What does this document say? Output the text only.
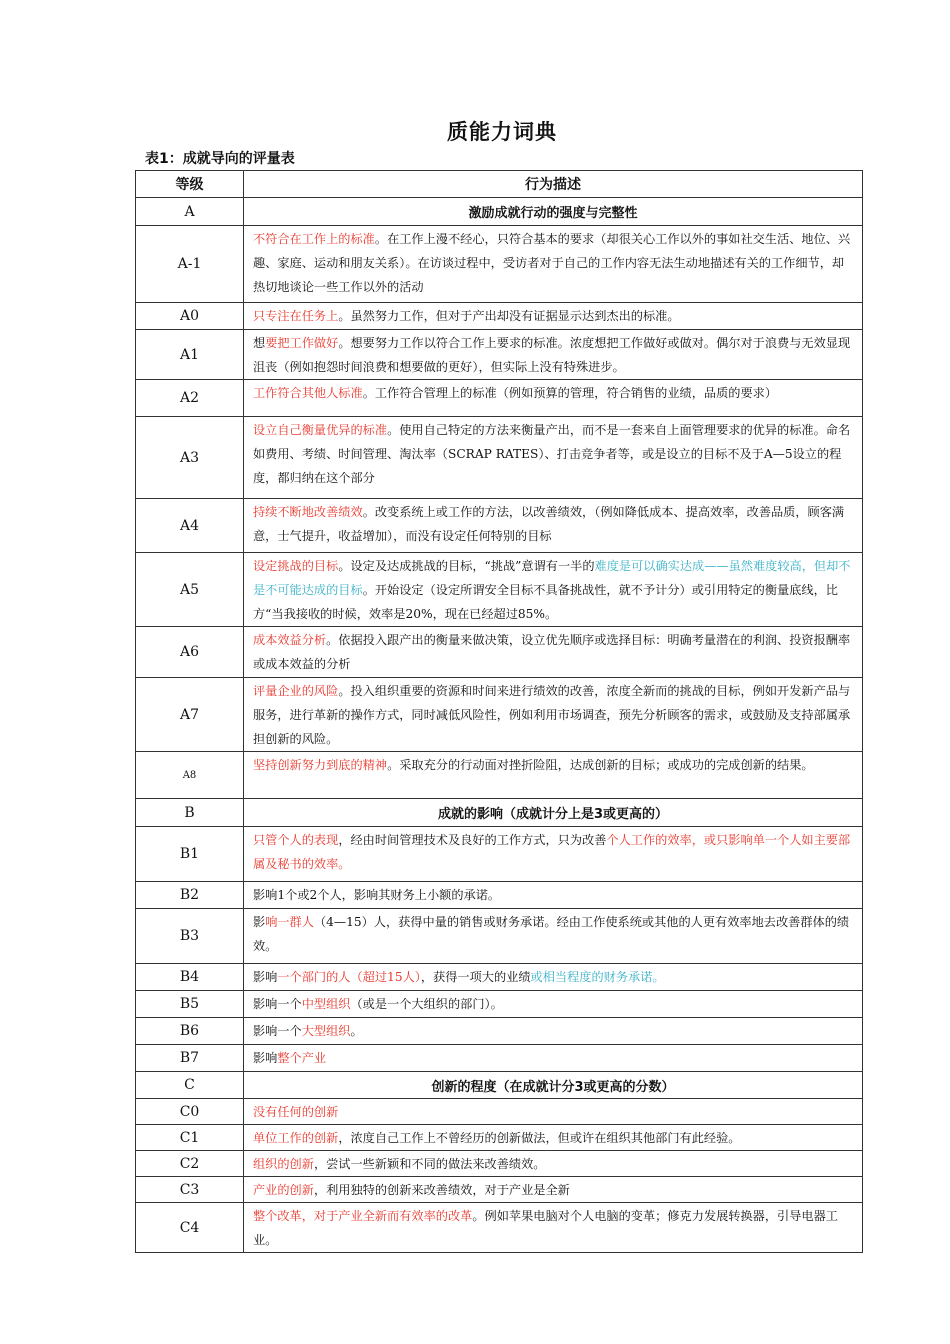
质能力词典
表1：成就导向的评量表
等级	行为描述
A	激励成就行动的强度与完整性
A-1	不符合在工作上的标准。在工作上漫不经心，只符合基本的要求（却很关心工作以外的事如社交生活、地位、兴趣、家庭、运动和朋友关系）。在访谈过程中，受访者对于自己的工作内容无法生动地描述有关的工作细节，却热切地谈论一些工作以外的活动
A0	只专注在任务上。虽然努力工作，但对于产出却没有证据显示达到杰出的标准。
A1	想要把工作做好。想要努力工作以符合工作上要求的标准。浓度想把工作做好或做对。偶尔对于浪费与无效显现沮丧（例如抱怨时间浪费和想要做的更好），但实际上没有特殊进步。
A2	工作符合其他人标准。工作符合管理上的标准（例如预算的管理，符合销售的业绩，品质的要求）

A3	设立自己衡量优异的标准。使用自己特定的方法来衡量产出，而不是一套来自上面管理要求的优异的标准。命名如费用、考绩、时间管理、淘汰率（SCRAP RATES）、打击竞争者等，或是设立的目标不及于A—5设立的程度，都归纳在这个部分
A4	持续不断地改善绩效。改变系统上或工作的方法，以改善绩效，（例如降低成本、提高效率，改善品质，顾客满意，士气提升，收益增加），而没有设定任何特别的目标
A5	设定挑战的目标。设定及达成挑战的目标，“挑战”意谓有一半的难度是可以确实达成——虽然难度较高，但却不是不可能达成的目标。开始设定（设定所谓安全目标不具备挑战性，就不予计分）或引用特定的衡量底线，比方“当我接收的时候，效率是20%，现在已经超过85%。
A6	成本效益分析。依据投入跟产出的衡量来做决策，设立优先顺序或选择目标：明确考量潜在的利润、投资报酬率或成本效益的分析
A7	评量企业的风险。投入组织重要的资源和时间来进行绩效的改善，浓度全新而的挑战的目标，例如开发新产品与服务，进行革新的操作方式，同时减低风险性，例如利用市场调查，预先分析顾客的需求，或鼓励及支持部属承担创新的风险。
A8	坚持创新努力到底的精神。采取充分的行动面对挫折险阻，达成创新的目标；或成功的完成创新的结果。
B	成就的影响（成就计分上是3或更高的）
B1	只管个人的表现，经由时间管理技术及良好的工作方式，只为改善个人工作的效率，或只影响单一个人如主要部属及秘书的效率。
B2	影响1个或2个人，影响其财务上小额的承诺。
B3	影响一群人（4—15）人，获得中量的销售或财务承诺。经由工作使系统或其他的人更有效率地去改善群体的绩效。
B4	影响一个部门的人（超过15人），获得一项大的业绩或相当程度的财务承诺。
B5	影响一个中型组织（或是一个大组织的部门）。
B6	影响一个大型组织。
B7	影响整个产业
C	创新的程度（在成就计分3或更高的分数）
C0	没有任何的创新
C1	单位工作的创新，浓度自己工作上不曾经历的创新做法，但或许在组织其他部门有此经验。
C2	组织的创新，尝试一些新颖和不同的做法来改善绩效。
C3	产业的创新，利用独特的创新来改善绩效，对于产业是全新
C4	整个改革，对于产业全新而有效率的改革。例如苹果电脑对个人电脑的变革；修克力发展转换器，引导电器工业。
